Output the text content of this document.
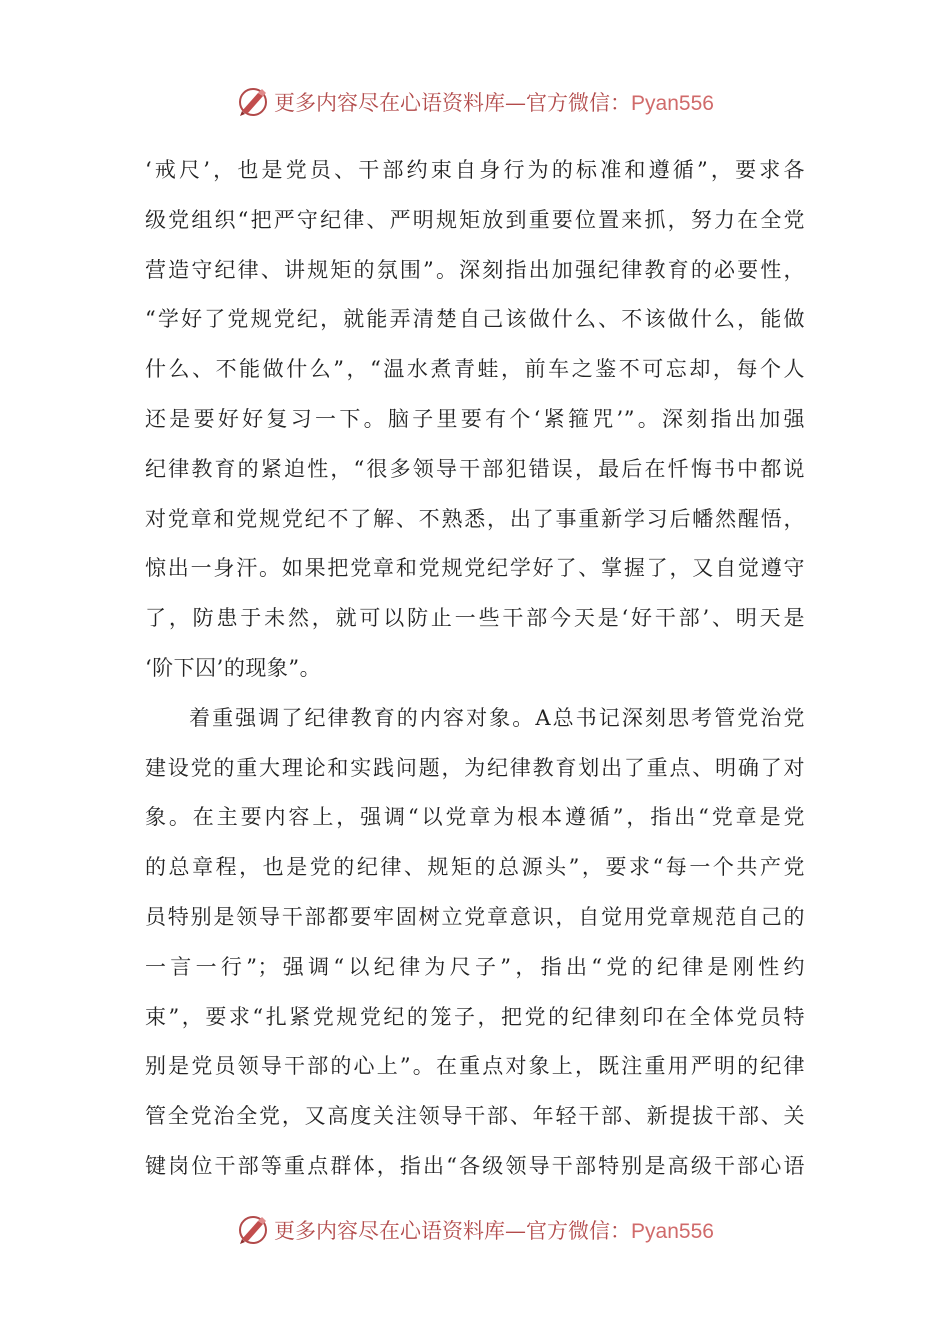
更多内容尽在心语资料库—官方微信：Pyan556
‘戒尺’，也是党员、干部约束自身行为的标准和遵循”，要求各
级党组织“把严守纪律、严明规矩放到重要位置来抓，努力在全党
营造守纪律、讲规矩的氛围”。深刻指出加强纪律教育的必要性，
“学好了党规党纪，就能弄清楚自己该做什么、不该做什么，能做
什么、不能做什么”，“温水煮青蛙，前车之鉴不可忘却，每个人
还是要好好复习一下。脑子里要有个‘紧箍咒’”。深刻指出加强
纪律教育的紧迫性，“很多领导干部犯错误，最后在忏悔书中都说
对党章和党规党纪不了解、不熟悉，出了事重新学习后幡然醒悟，
惊出一身汗。如果把党章和党规党纪学好了、掌握了，又自觉遵守
了，防患于未然，就可以防止一些干部今天是‘好干部’、明天是
‘阶下囚’的现象”。
着重强调了纪律教育的内容对象。A总书记深刻思考管党治党
建设党的重大理论和实践问题，为纪律教育划出了重点、明确了对
象。在主要内容上，强调“以党章为根本遵循”，指出“党章是党
的总章程，也是党的纪律、规矩的总源头”，要求“每一个共产党
员特别是领导干部都要牢固树立党章意识，自觉用党章规范自己的
一言一行”；强调“以纪律为尺子”，指出“党的纪律是刚性约
束”，要求“扎紧党规党纪的笼子，把党的纪律刻印在全体党员特
别是党员领导干部的心上”。在重点对象上，既注重用严明的纪律
管全党治全党，又高度关注领导干部、年轻干部、新提拔干部、关
键岗位干部等重点群体，指出“各级领导干部特别是高级干部心语
更多内容尽在心语资料库—官方微信：Pyan556
